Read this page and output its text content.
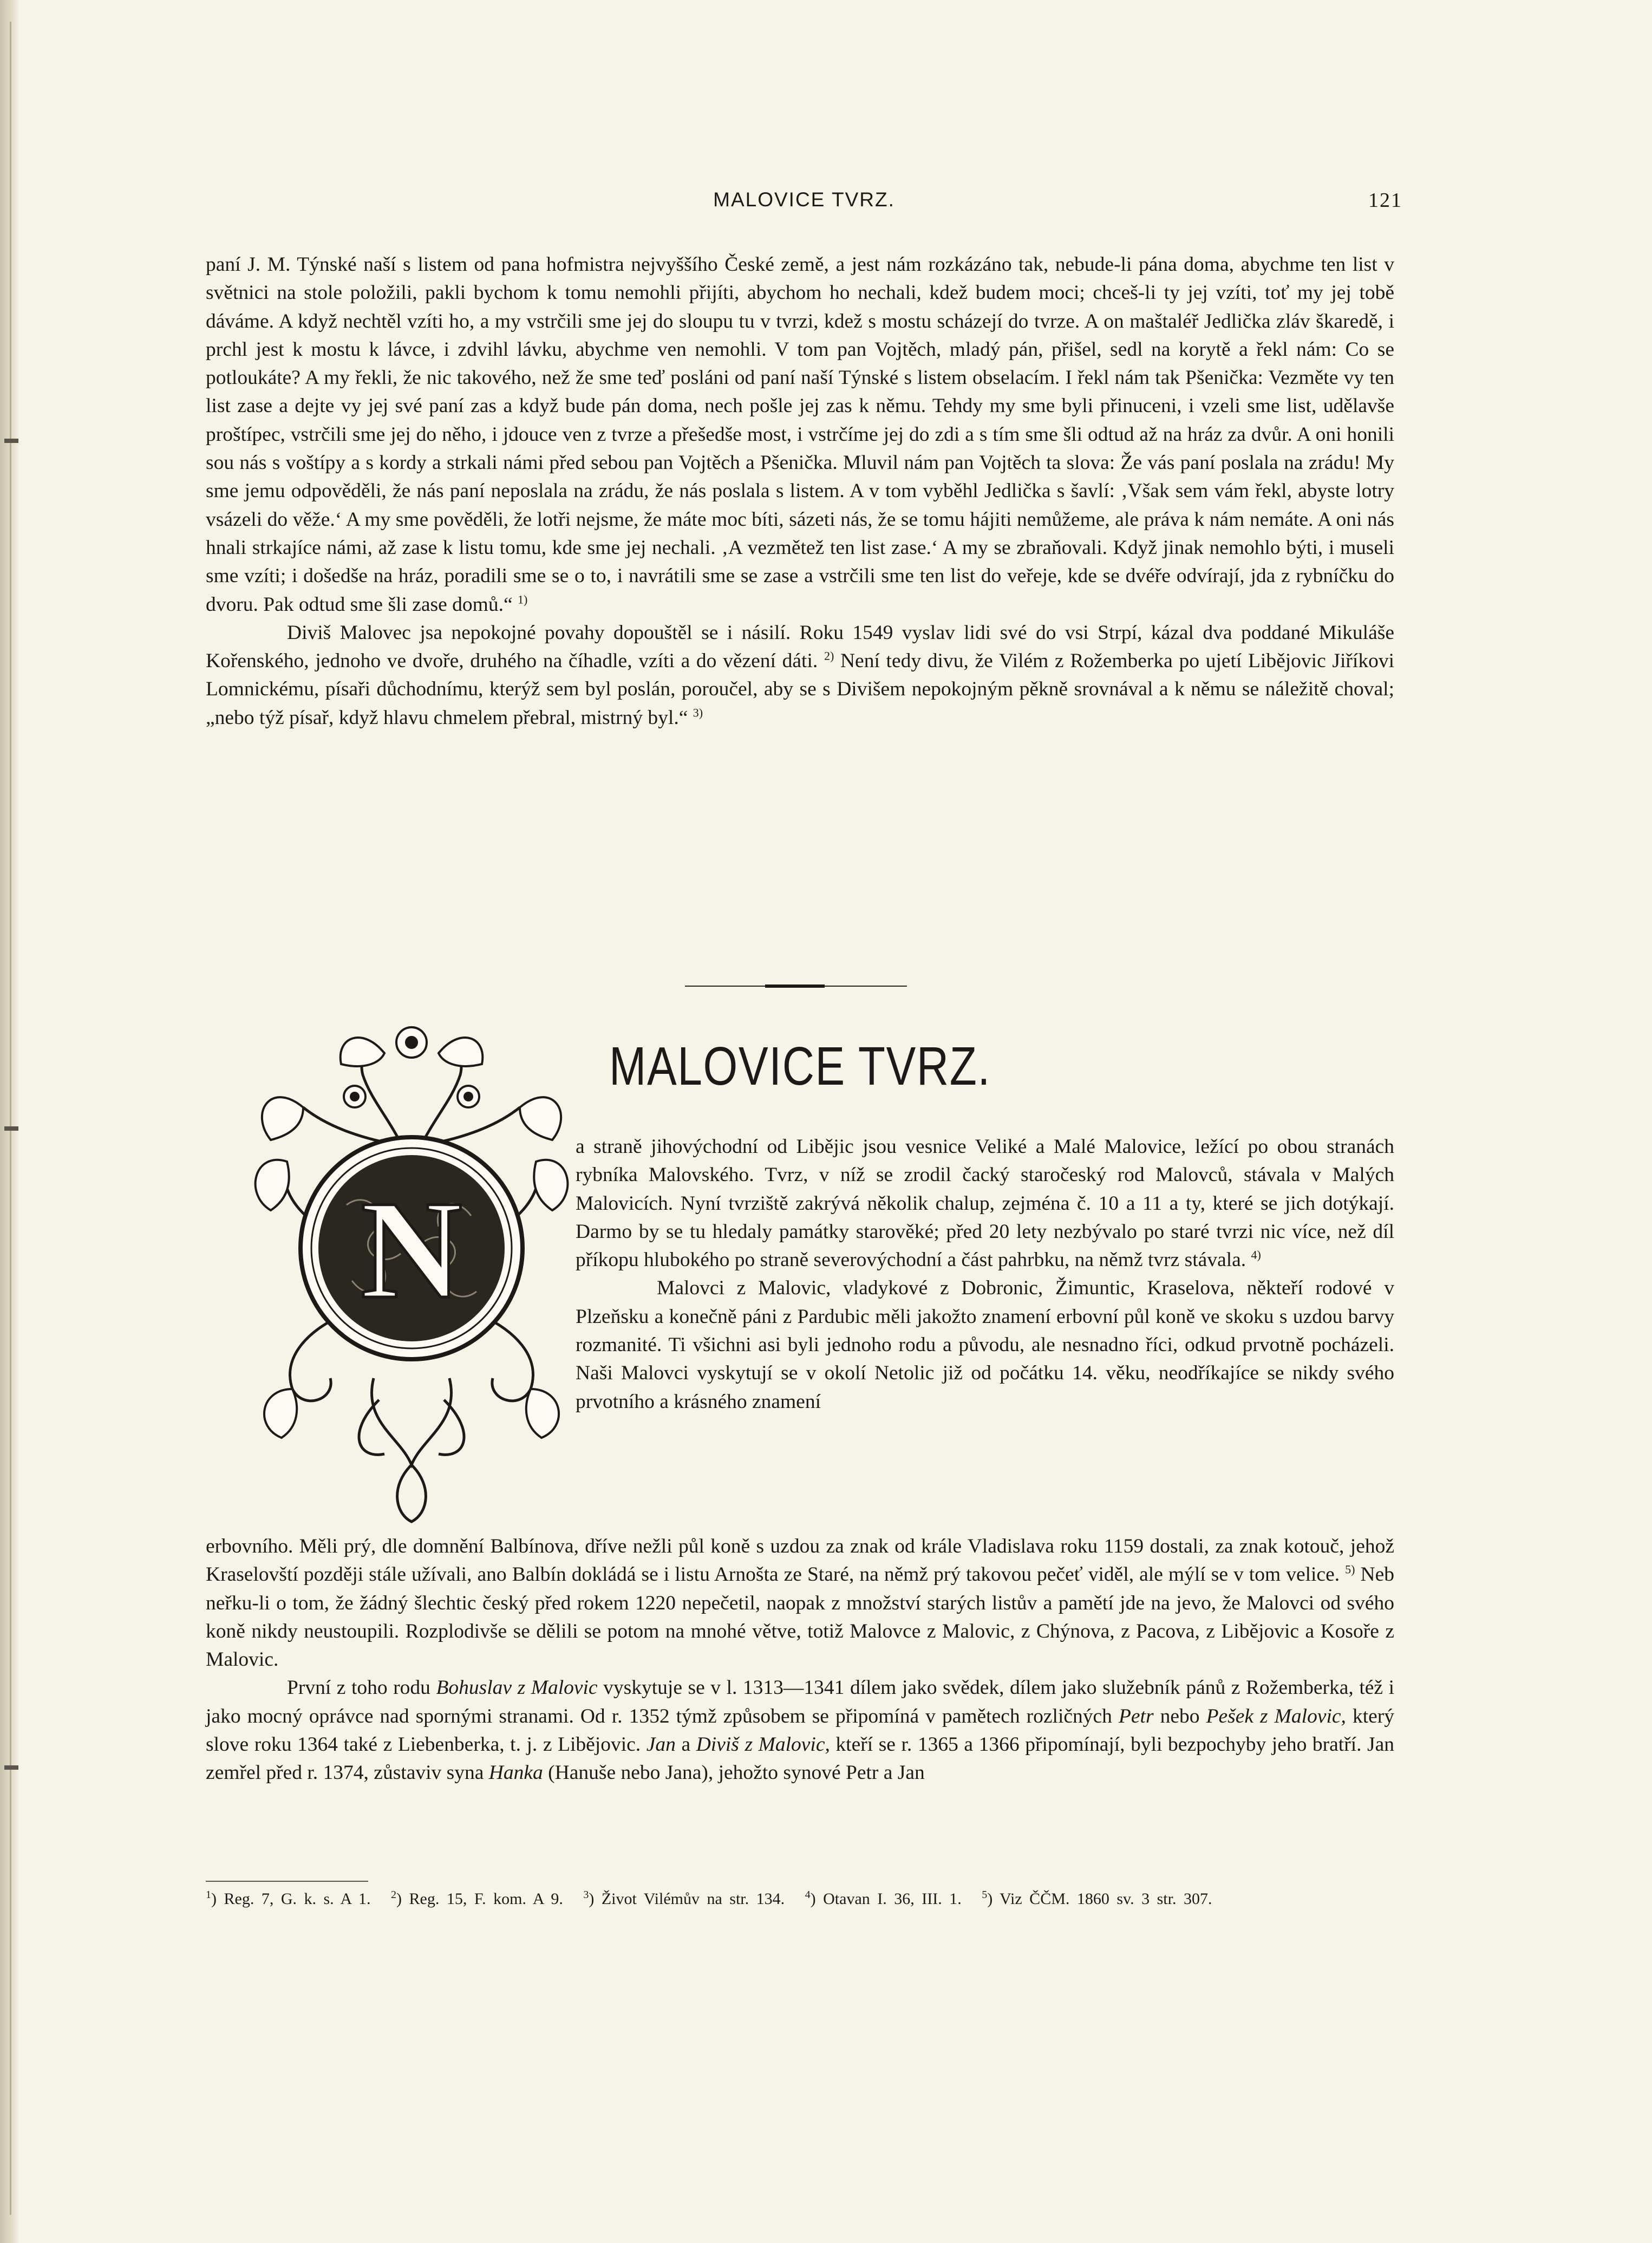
MALOVICE TVRZ.	121

paní J. M. Týnské naší s listem od pana hofmistra nejvyššího České země, a jest nám rozkázáno tak, nebude-li pána doma, abychme ten list v světnici na stole položili, pakli bychom k tomu nemohli přijíti, abychom ho nechali, kdež budem moci; chceš-li ty jej vzíti, toť my jej tobě dáváme. A když nechtěl vzíti ho, a my vstrčili sme jej do sloupu tu v tvrzi, kdež s mostu scházejí do tvrze. A on maštaléř Jedlička zláv škaredě, i prchl jest k mostu k lávce, i zdvihl lávku, abychme ven nemohli. V tom pan Vojtěch, mladý pán, přišel, sedl na korytě a řekl nám: Co se potloukáte? A my řekli, že nic takového, než že sme teď posláni od paní naší Týnské s listem obselacím. I řekl nám tak Pšenička: Vezměte vy ten list zase a dejte vy jej své paní zas a když bude pán doma, nech pošle jej zas k němu. Tehdy my sme byli přinuceni, i vzeli sme list, udělavše proštípec, vstrčili sme jej do něho, i jdouce ven z tvrze a přešedše most, i vstrčíme jej do zdi a s tím sme šli odtud až na hráz za dvůr. A oni honili sou nás s voštípy a s kordy a strkali námi před sebou pan Vojtěch a Pšenička. Mluvil nám pan Vojtěch ta slova: Že vás paní poslala na zrádu! My sme jemu odpověděli, že nás paní neposlala na zrádu, že nás poslala s listem. A v tom vyběhl Jedlička s šavlí: ‚Však sem vám řekl, abyste lotry vsázeli do věže.‘ A my sme pověděli, že lotři nejsme, že máte moc bíti, sázeti nás, že se tomu hájiti nemůžeme, ale práva k nám nemáte. A oni nás hnali strkajíce námi, až zase k listu tomu, kde sme jej nechali. ‚A vezmětež ten list zase.‘ A my se zbraňovali. Když jinak nemohlo býti, i museli sme vzíti; i došedše na hráz, poradili sme se o to, i navrátili sme se zase a vstrčili sme ten list do veřeje, kde se dvéře odvírají, jda z rybníčku do dvoru. Pak odtud sme šli zase domů.“ $^{1)}$

Diviš Malovec jsa nepokojné povahy dopouštěl se i násilí. Roku 1549 vyslav lidi své do vsi Strpí, kázal dva poddané Mikuláše Kořenského, jednoho ve dvoře, druhého na číhadle, vzíti a do vězení dáti. $^{2)}$ Není tedy divu, že Vilém z Rožemberka po ujetí Libějovic Jiříkovi Lomnickému, písaři důchodnímu, kterýž sem byl poslán, poroučel, aby se s Divišem nepokojným pěkně srovnával a k němu se náležitě choval; „nebo týž písař, když hlavu chmelem přebral, mistrný byl.“ $^{3)}$

MALOVICE TVRZ.
N

a straně jihovýchodní od Libějic jsou vesnice Veliké a Malé Malovice, ležící po obou stranách rybníka Malovského. Tvrz, v níž se zrodil čacký staročeský rod Malovců, stávala v Malých Malovicích. Nyní tvrziště zakrývá několik chalup, zejména č. 10 a 11 a ty, které se jich dotýkají. Darmo by se tu hledaly památky starověké; před 20 lety nezbývalo po staré tvrzi nic více, než díl příkopu hlubokého po straně severovýchodní a část pahrbku, na němž tvrz stávala. $^{4)}$

Malovci z Malovic, vladykové z Dobronic, Žimuntic, Kraselova, někteří rodové v Plzeňsku a konečně páni z Pardubic měli jakožto znamení erbovní půl koně ve skoku s uzdou barvy rozmanité. Ti všichni asi byli jednoho rodu a původu, ale nesnadno říci, odkud prvotně pocházeli. Naši Malovci vyskytují se v okolí Netolic již od počátku 14. věku, neodříkajíce se nikdy svého prvotního a krásného znamení

erbovního. Měli prý, dle domnění Balbínova, dříve nežli půl koně s uzdou za znak od krále Vladislava roku 1159 dostali, za znak kotouč, jehož Kraselovští později stále užívali, ano Balbín dokládá se i listu Arnošta ze Staré, na němž prý takovou pečeť viděl, ale mýlí se v tom velice. $^{5)}$ Neb neřku-li o tom, že žádný šlechtic český před rokem 1220 nepečetil, naopak z množství starých listův a pamětí jde na jevo, že Malovci od svého koně nikdy neustoupili. Rozplodivše se dělili se potom na mnohé větve, totiž Malovce z Malovic, z Chýnova, z Pacova, z Libějovic a Kosoře z Malovic.

První z toho rodu Bohuslav z Malovic vyskytuje se v l. 1313—1341 dílem jako svědek, dílem jako služebník pánů z Rožemberka, též i jako mocný oprávce nad spornými stranami. Od r. 1352 týmž způsobem se připomíná v pamětech rozličných Petr nebo Pešek z Malovic, který slove roku 1364 také z Liebenberka, t. j. z Libějovic. Jan a Diviš z Malovic, kteří se r. 1365 a 1366 připomínají, byli bezpochyby jeho bratří. Jan zemřel před r. 1374, zůstaviv syna Hanka (Hanuše nebo Jana), jehožto synové Petr a Jan

$^1$) Reg. 7, G. k. s. A 1. $^2$) Reg. 15, F. kom. A 9. $^3$) Život Vilémův na str. 134. $^4$) Otavan I. 36, III. 1. $^5$) Viz ČČM. 1860 sv. 3 str. 307.
